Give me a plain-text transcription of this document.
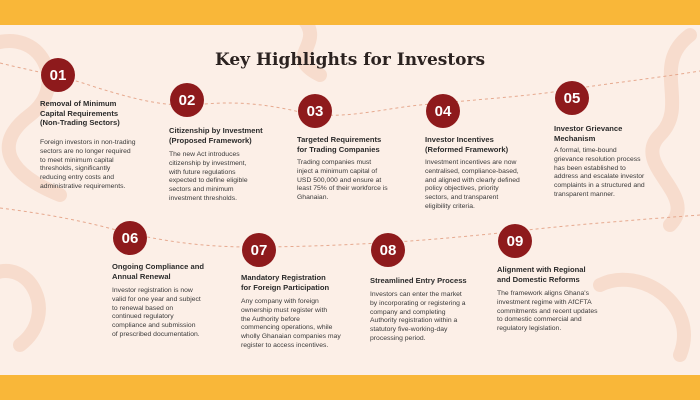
Key Highlights for Investors
01
Removal of Minimum
Capital Requirements
(Non-Trading Sectors)
Foreign investors in non-trading
sectors are no longer required
to meet minimum capital
thresholds, significantly
reducing entry costs and
administrative requirements.
02
Citizenship by Investment
(Proposed Framework)
The new Act introduces
citizenship by investment,
with future regulations
expected to define eligible
sectors and minimum
investment thresholds.
03
Targeted Requirements
for Trading Companies
Trading companies must
inject a minimum capital of
USD 500,000 and ensure at
least 75% of their workforce is
Ghanaian.
04
Investor Incentives
(Reformed Framework)
Investment incentives are now
centralised, compliance-based,
and aligned with clearly defined
policy objectives, priority
sectors, and transparent
eligibility criteria.
05
Investor Grievance
Mechanism
A formal, time-bound
grievance resolution process
has been established to
address and escalate investor
complaints in a structured and
transparent manner.
06
Ongoing Compliance and
Annual Renewal
Investor registration is now
valid for one year and subject
to renewal based on
continued regulatory
compliance and submission
of prescribed documentation.
07
Mandatory Registration
for Foreign Participation
Any company with foreign
ownership must register with
the Authority before
commencing operations, while
wholly Ghanaian companies may
register to access incentives.
08
Streamlined Entry Process
Investors can enter the market
by incorporating or registering a
company and completing
Authority registration within a
statutory five-working-day
processing period.
09
Alignment with Regional
and Domestic Reforms
The framework aligns Ghana's
investment regime with AfCFTA
commitments and recent updates
to domestic commercial and
regulatory legislation.
